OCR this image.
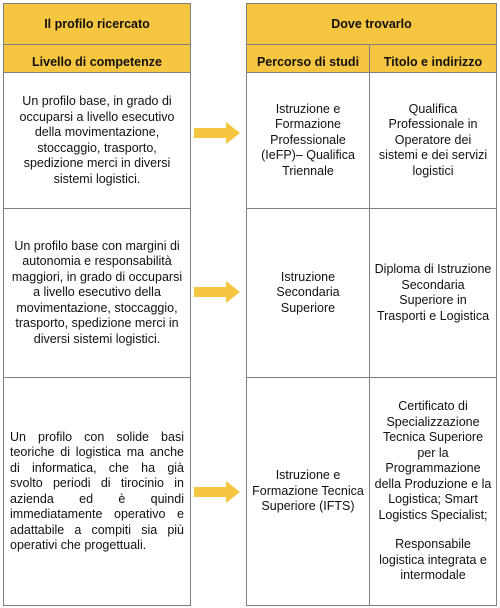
Il profilo ricercato
Livello di competenze
Un profilo base, in grado di occuparsi a livello esecutivo della movimentazione, stoccaggio, trasporto, spedizione merci in diversi sistemi logistici.
Un profilo base con margini di autonomia e responsabilità maggiori, in grado di occuparsi a livello esecutivo della movimentazione, stoccaggio, trasporto, spedizione merci in diversi sistemi logistici.
Un profilo con solide basi teoriche di logistica ma anche di informatica, che ha già svolto periodi di tirocinio in azienda ed è quindi immediatamente operativo e adattabile a compiti sia più operativi che progettuali.
Dove trovarlo
Percorso di studi	Titolo e indirizzo
Istruzione e Formazione Professionale (IeFP)– Qualifica Triennale
Istruzione Secondaria Superiore
Istruzione e Formazione Tecnica Superiore (IFTS)
Qualifica Professionale in Operatore dei sistemi e dei servizi logistici
Diploma di Istruzione Secondaria Superiore in Trasporti e Logistica
Certificato di Specializzazione Tecnica Superiore per la Programmazione della Produzione e la Logistica; Smart Logistics Specialist;
Responsabile logistica integrata e intermodale
